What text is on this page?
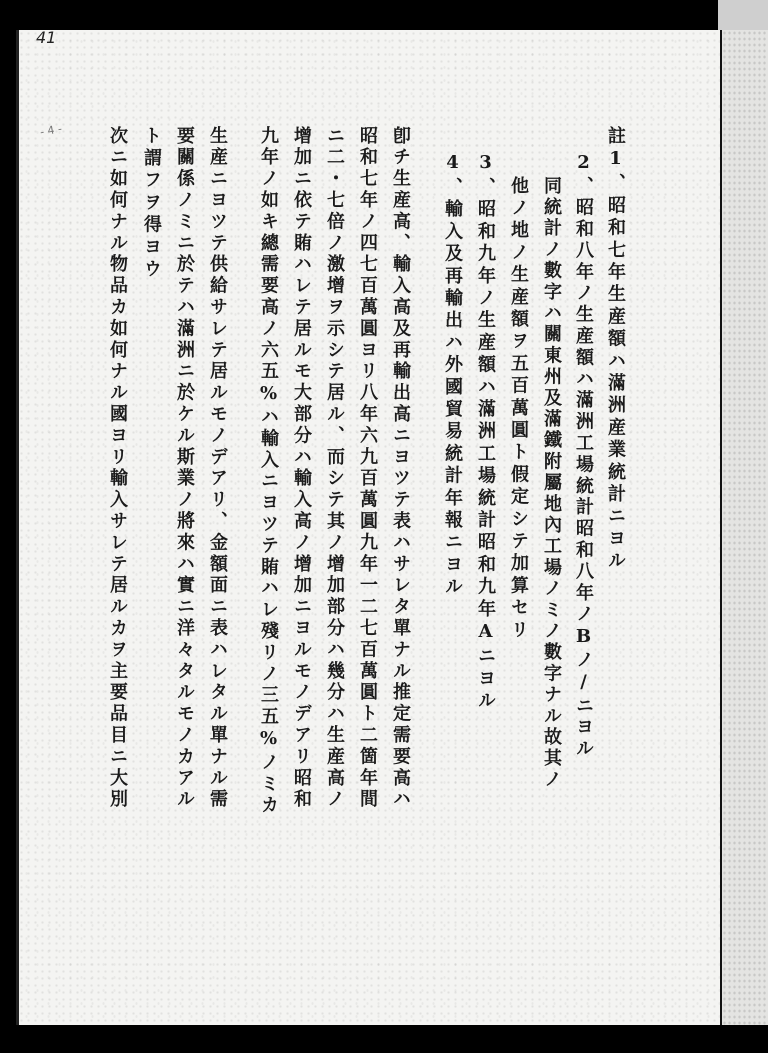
41
- 4 -	註1、昭和七年生産額ハ滿洲産業統計ニヨル
2、昭和八年ノ生産額ハ滿洲工場統計昭和八年ノBノ/ニヨル
同統計ノ數字ハ關東州及滿鐵附屬地內工場ノミノ數字ナル故其ノ
他ノ地ノ生産額ヲ五百萬圓ト假定シテ加算セリ
3、昭和九年ノ生産額ハ滿洲工場統計昭和九年Aニヨル
4、輸入及再輸出ハ外國貿易統計年報ニヨル
卽チ生産高、輸入高及再輸出高ニヨツテ表ハサレタ單ナル推定需要高ハ
昭和七年ノ四七百萬圓ヨリ八年六九百萬圓九年一二七百萬圓ト二箇年間
ニ二・七倍ノ激增ヲ示シテ居ル、而シテ其ノ增加部分ハ幾分ハ生産高ノ
增加ニ依テ賄ハレテ居ルモ大部分ハ輸入高ノ增加ニヨルモノデアリ昭和
九年ノ如キ總需要高ノ六五%ハ輸入ニヨツテ賄ハレ殘リノ三五%ノミカ
生産ニヨツテ供給サレテ居ルモノデアリ、金額面ニ表ハレタル單ナル需
要關係ノミニ於テハ滿洲ニ於ケル斯業ノ將來ハ實ニ洋々タルモノカアル
ト謂フヲ得ヨウ
次ニ如何ナル物品カ如何ナル國ヨリ輸入サレテ居ルカヲ主要品目ニ大別
